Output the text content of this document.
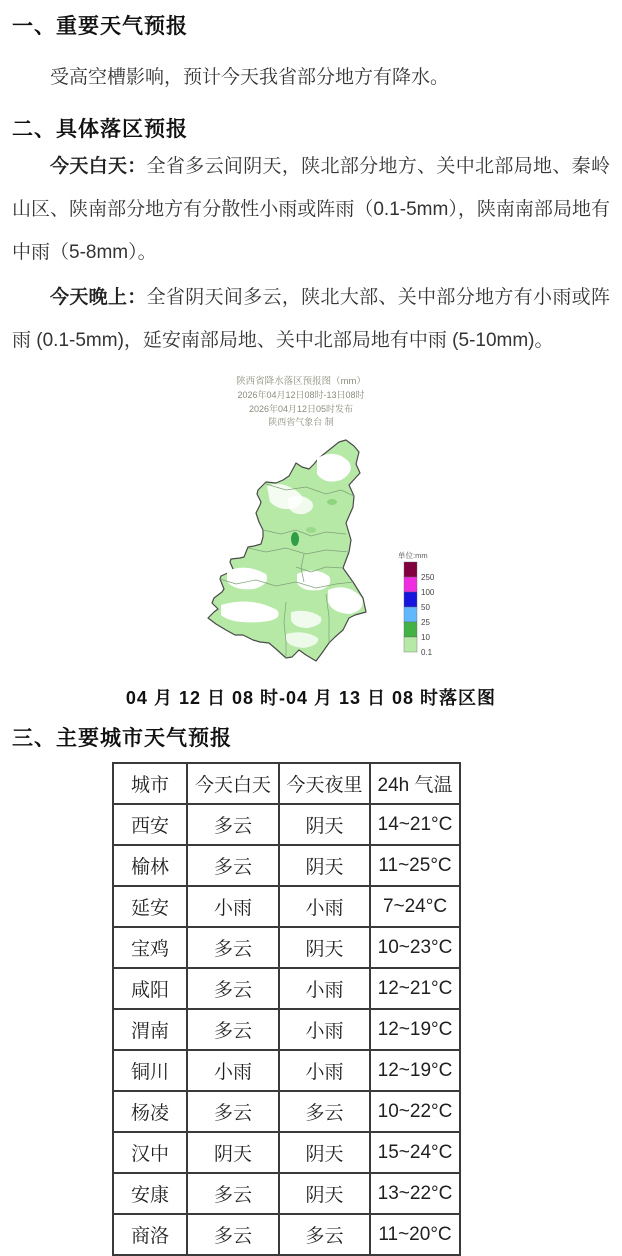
一、重要天气预报
受高空槽影响，预计今天我省部分地方有降水。
二、具体落区预报
今天白天：全省多云间阴天，陕北部分地方、关中北部局地、秦岭山区、陕南部分地方有分散性小雨或阵雨（0.1-5mm），陕南南部局地有中雨（5-8mm）。
今天晚上：全省阴天间多云，陕北大部、关中部分地方有小雨或阵雨 (0.1-5mm)，延安南部局地、关中北部局地有中雨 (5-10mm)。
陕西省降水落区预报图（mm）
2026年04月12日08时-13日08时
2026年04月12日05时发布
陕西省气象台 制
单位:mm
250
100
50
25
10
0.1
04 月 12 日 08 时-04 月 13 日 08 时落区图
三、主要城市天气预报
城市	今天白天	今天夜里	24h 气温
西安	多云	阴天	14~21°C
榆林	多云	阴天	11~25°C
延安	小雨	小雨	7~24°C
宝鸡	多云	阴天	10~23°C
咸阳	多云	小雨	12~21°C
渭南	多云	小雨	12~19°C
铜川	小雨	小雨	12~19°C
杨凌	多云	多云	10~22°C
汉中	阴天	阴天	15~24°C
安康	多云	阴天	13~22°C
商洛	多云	多云	11~20°C
